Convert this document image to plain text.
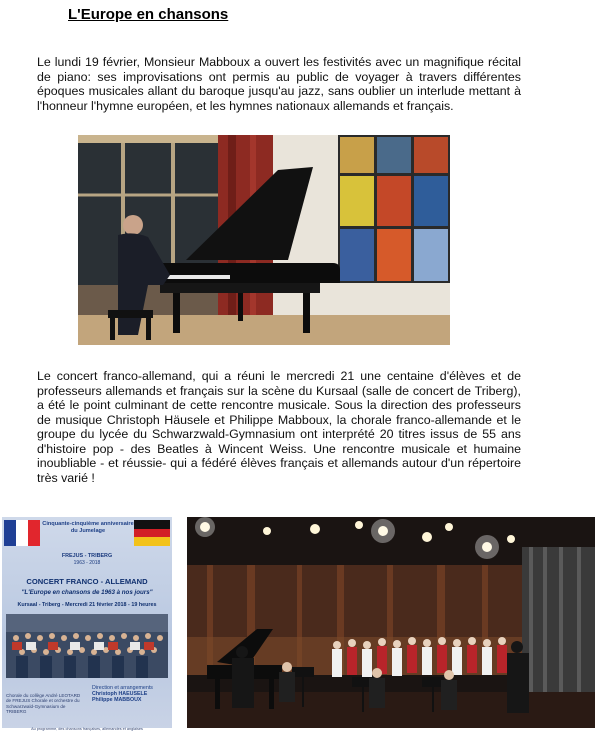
L'Europe en chansons

Le lundi 19 février, Monsieur Mabboux a ouvert les festivités avec un magnifique récital de piano: ses improvisations ont permis au public de voyager à travers différentes époques musicales allant du baroque jusqu'au jazz, sans oublier un interlude mettant à l'honneur l'hymne européen, et les hymnes nationaux allemands et français.

Le concert franco-allemand, qui a réuni le mercredi 21 une centaine d'élèves et de professeurs allemands et français sur la scène du Kursaal (salle de concert de Triberg), a été le point culminant de cette rencontre musicale. Sous la direction des professeurs de musique Christoph Häusele et Philippe Mabboux, la chorale franco-allemande et le groupe du lycée du Schwarzwald-Gymnasium ont interprété 20 titres issus de 55 ans d'histoire pop - des Beatles à Wincent Weiss. Une rencontre musicale et humaine inoubliable - et réussie- qui a fédéré élèves français et allemands autour d'un répertoire très varié !

Cinquante-cinquième anniversaire du Jumelage
FREJUS - TRIBERG
1963 - 2018
CONCERT FRANCO - ALLEMAND
"L'Europe en chansons de 1963 à nos jours"
Kursaal - Triberg - Mercredi 21 février 2018 - 19 heures
Chorale du collège André LEOTARD de FREJUS Chorale et orchestre du Schwarzwald-Gymnasium de TRIBERG
Direction et arrangements
Christoph HAEUSELE Philippe MABBOUX
Au programme, des chansons françaises, allemandes et anglaises
